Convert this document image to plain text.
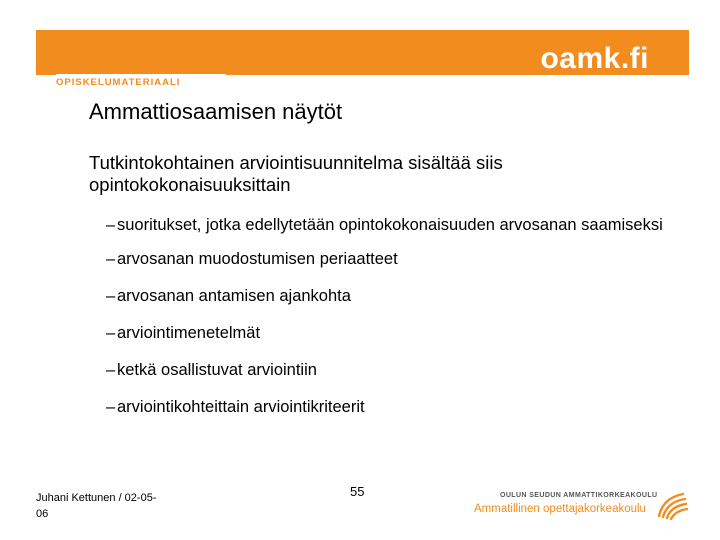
oamk.fi
OPISKELUMATERIAALI
Ammattiosaamisen näytöt

Tutkintokohtainen arviointisuunnitelma sisältää siis opintokokonaisuuksittain

– suoritukset, jotka edellytetään opintokokonaisuuden arvosanan saamiseksi
– arvosanan muodostumisen periaatteet
– arvosanan antamisen ajankohta
– arviointimenetelmät
– ketkä osallistuvat arviointiin
– arviointikohteittain arviointikriteerit
Juhani Kettunen / 02-05-06
55	OULUN SEUDUN AMMATTIKORKEAKOULU
Ammatillinen opettajakorkeakoulu
